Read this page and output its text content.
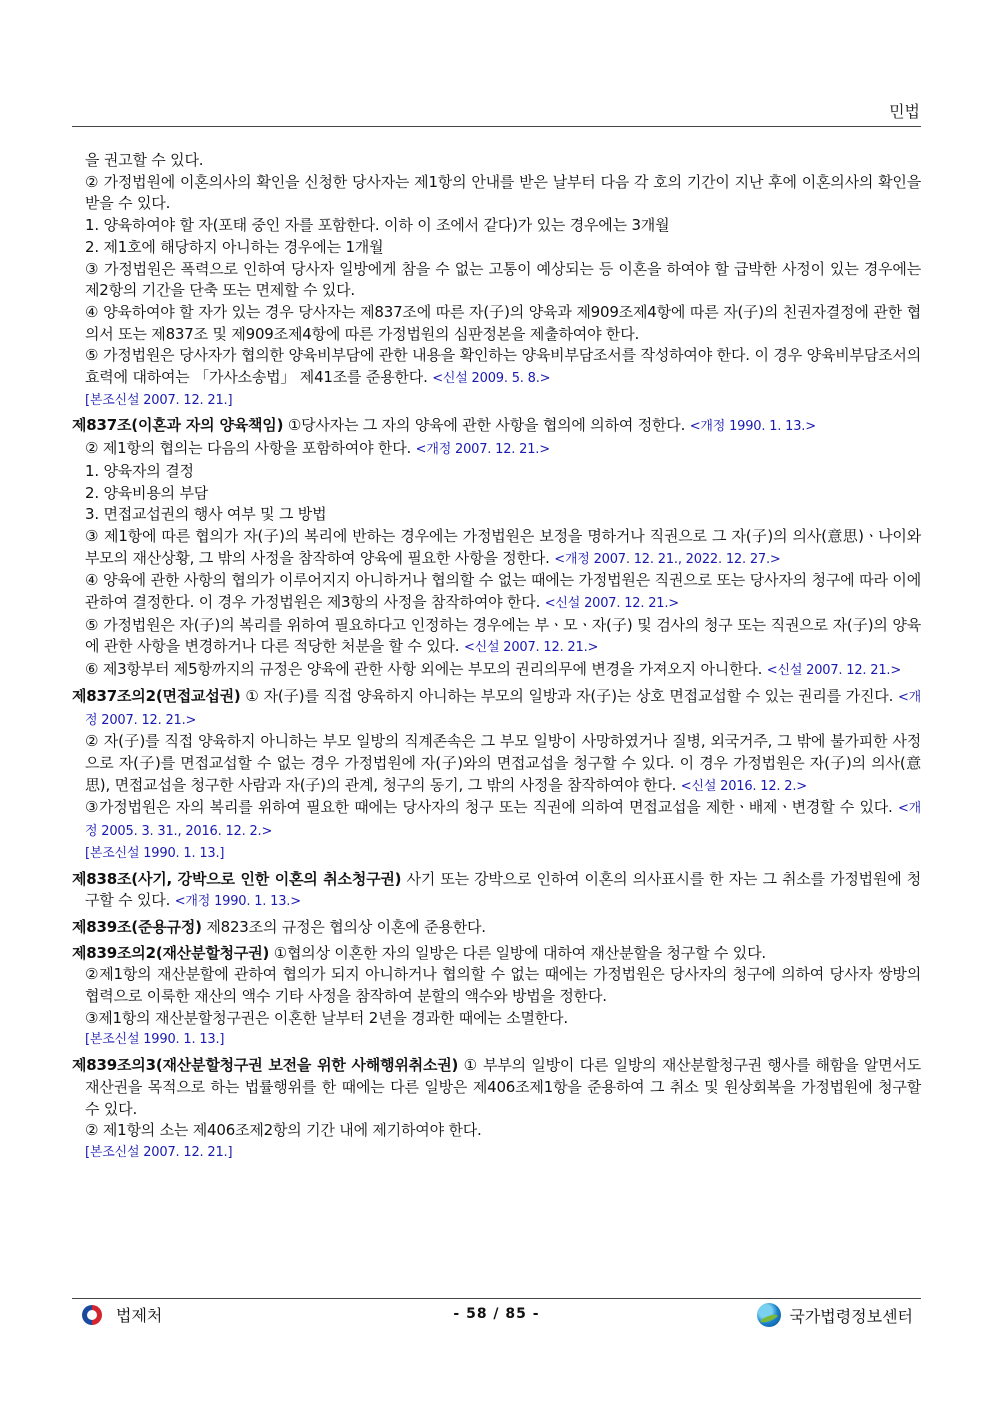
민법

을 권고할 수 있다.

② 가정법원에 이혼의사의 확인을 신청한 당사자는 제1항의 안내를 받은 날부터 다음 각 호의 기간이 지난 후에 이혼의사의 확인을 받을 수 있다.

1. 양육하여야 할 자(포태 중인 자를 포함한다. 이하 이 조에서 같다)가 있는 경우에는 3개월

2. 제1호에 해당하지 아니하는 경우에는 1개월

③ 가정법원은 폭력으로 인하여 당사자 일방에게 참을 수 없는 고통이 예상되는 등 이혼을 하여야 할 급박한 사정이 있는 경우에는 제2항의 기간을 단축 또는 면제할 수 있다.

④ 양육하여야 할 자가 있는 경우 당사자는 제837조에 따른 자(子)의 양육과 제909조제4항에 따른 자(子)의 친권자결정에 관한 협의서 또는 제837조 및 제909조제4항에 따른 가정법원의 심판정본을 제출하여야 한다.

⑤ 가정법원은 당사자가 협의한 양육비부담에 관한 내용을 확인하는 양육비부담조서를 작성하여야 한다. 이 경우 양육비부담조서의 효력에 대하여는 「가사소송법」 제41조를 준용한다. <신설 2009. 5. 8.>

[본조신설 2007. 12. 21.]

제837조(이혼과 자의 양육책임) ①당사자는 그 자의 양육에 관한 사항을 협의에 의하여 정한다. <개정 1990. 1. 13.>

② 제1항의 협의는 다음의 사항을 포함하여야 한다. <개정 2007. 12. 21.>

1. 양육자의 결정

2. 양육비용의 부담

3. 면접교섭권의 행사 여부 및 그 방법

③ 제1항에 따른 협의가 자(子)의 복리에 반하는 경우에는 가정법원은 보정을 명하거나 직권으로 그 자(子)의 의사(意思)ㆍ나이와 부모의 재산상황, 그 밖의 사정을 참작하여 양육에 필요한 사항을 정한다. <개정 2007. 12. 21., 2022. 12. 27.>

④ 양육에 관한 사항의 협의가 이루어지지 아니하거나 협의할 수 없는 때에는 가정법원은 직권으로 또는 당사자의 청구에 따라 이에 관하여 결정한다. 이 경우 가정법원은 제3항의 사정을 참작하여야 한다. <신설 2007. 12. 21.>

⑤ 가정법원은 자(子)의 복리를 위하여 필요하다고 인정하는 경우에는 부ㆍ모ㆍ자(子) 및 검사의 청구 또는 직권으로 자(子)의 양육에 관한 사항을 변경하거나 다른 적당한 처분을 할 수 있다. <신설 2007. 12. 21.>

⑥ 제3항부터 제5항까지의 규정은 양육에 관한 사항 외에는 부모의 권리의무에 변경을 가져오지 아니한다. <신설 2007. 12. 21.>

제837조의2(면접교섭권) ① 자(子)를 직접 양육하지 아니하는 부모의 일방과 자(子)는 상호 면접교섭할 수 있는 권리를 가진다. <개정 2007. 12. 21.>

② 자(子)를 직접 양육하지 아니하는 부모 일방의 직계존속은 그 부모 일방이 사망하였거나 질병, 외국거주, 그 밖에 불가피한 사정으로 자(子)를 면접교섭할 수 없는 경우 가정법원에 자(子)와의 면접교섭을 청구할 수 있다. 이 경우 가정법원은 자(子)의 의사(意思), 면접교섭을 청구한 사람과 자(子)의 관계, 청구의 동기, 그 밖의 사정을 참작하여야 한다. <신설 2016. 12. 2.>

③가정법원은 자의 복리를 위하여 필요한 때에는 당사자의 청구 또는 직권에 의하여 면접교섭을 제한ㆍ배제ㆍ변경할 수 있다. <개정 2005. 3. 31., 2016. 12. 2.>

[본조신설 1990. 1. 13.]

제838조(사기, 강박으로 인한 이혼의 취소청구권) 사기 또는 강박으로 인하여 이혼의 의사표시를 한 자는 그 취소를 가정법원에 청구할 수 있다. <개정 1990. 1. 13.>

제839조(준용규정) 제823조의 규정은 협의상 이혼에 준용한다.

제839조의2(재산분할청구권) ①협의상 이혼한 자의 일방은 다른 일방에 대하여 재산분할을 청구할 수 있다.

②제1항의 재산분할에 관하여 협의가 되지 아니하거나 협의할 수 없는 때에는 가정법원은 당사자의 청구에 의하여 당사자 쌍방의 협력으로 이룩한 재산의 액수 기타 사정을 참작하여 분할의 액수와 방법을 정한다.

③제1항의 재산분할청구권은 이혼한 날부터 2년을 경과한 때에는 소멸한다.

[본조신설 1990. 1. 13.]

제839조의3(재산분할청구권 보전을 위한 사해행위취소권) ① 부부의 일방이 다른 일방의 재산분할청구권 행사를 해함을 알면서도 재산권을 목적으로 하는 법률행위를 한 때에는 다른 일방은 제406조제1항을 준용하여 그 취소 및 원상회복을 가정법원에 청구할 수 있다.

② 제1항의 소는 제406조제2항의 기간 내에 제기하여야 한다.

[본조신설 2007. 12. 21.]

법제처	- 58 / 85 -	국가법령정보센터
